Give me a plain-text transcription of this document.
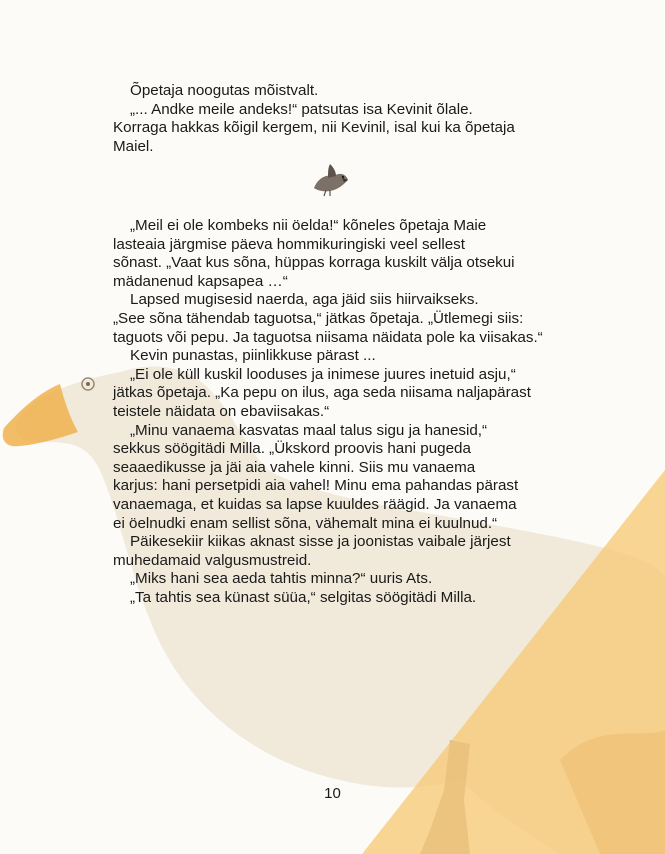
Õpetaja noogutas mõistvalt.

„... Andke meile andeks!“ patsutas isa Kevinit õlale.

Korraga hakkas kõigil kergem, nii Kevinil, isal kui ka õpetaja

Maiel.

„Meil ei ole kombeks nii öelda!“ kõneles õpetaja Maie

lasteaia järgmise päeva hommikuringiski veel sellest

sõnast. „Vaat kus sõna, hüppas korraga kuskilt välja otsekui

mädanenud kapsapea …“

Lapsed mugisesid naerda, aga jäid siis hiirvaikseks.

„See sõna tähendab taguotsa,“ jätkas õpetaja. „Ütlemegi siis:

taguots või pepu. Ja taguotsa niisama näidata pole ka viisakas.“

Kevin punastas, piinlikkuse pärast ...

„Ei ole küll kuskil looduses ja inimese juures inetuid asju,“

jätkas õpetaja. „Ka pepu on ilus, aga seda niisama naljapärast

teistele näidata on ebaviisakas.“

„Minu vanaema kasvatas maal talus sigu ja hanesid,“

sekkus söögitädi Milla. „Ükskord proovis hani pugeda

seaaedikusse ja jäi aia vahele kinni. Siis mu vanaema

karjus: hani persetpidi aia vahel! Minu ema pahandas pärast

vanaemaga, et kuidas sa lapse kuuldes räägid. Ja vanaema

ei öelnudki enam sellist sõna, vähemalt mina ei kuulnud.“

Päikesekiir kiikas aknast sisse ja joonistas vaibale järjest

muhedamaid valgusmustreid.

„Miks hani sea aeda tahtis minna?“ uuris Ats.

„Ta tahtis sea künast süüa,“ selgitas söögitädi Milla.

10
